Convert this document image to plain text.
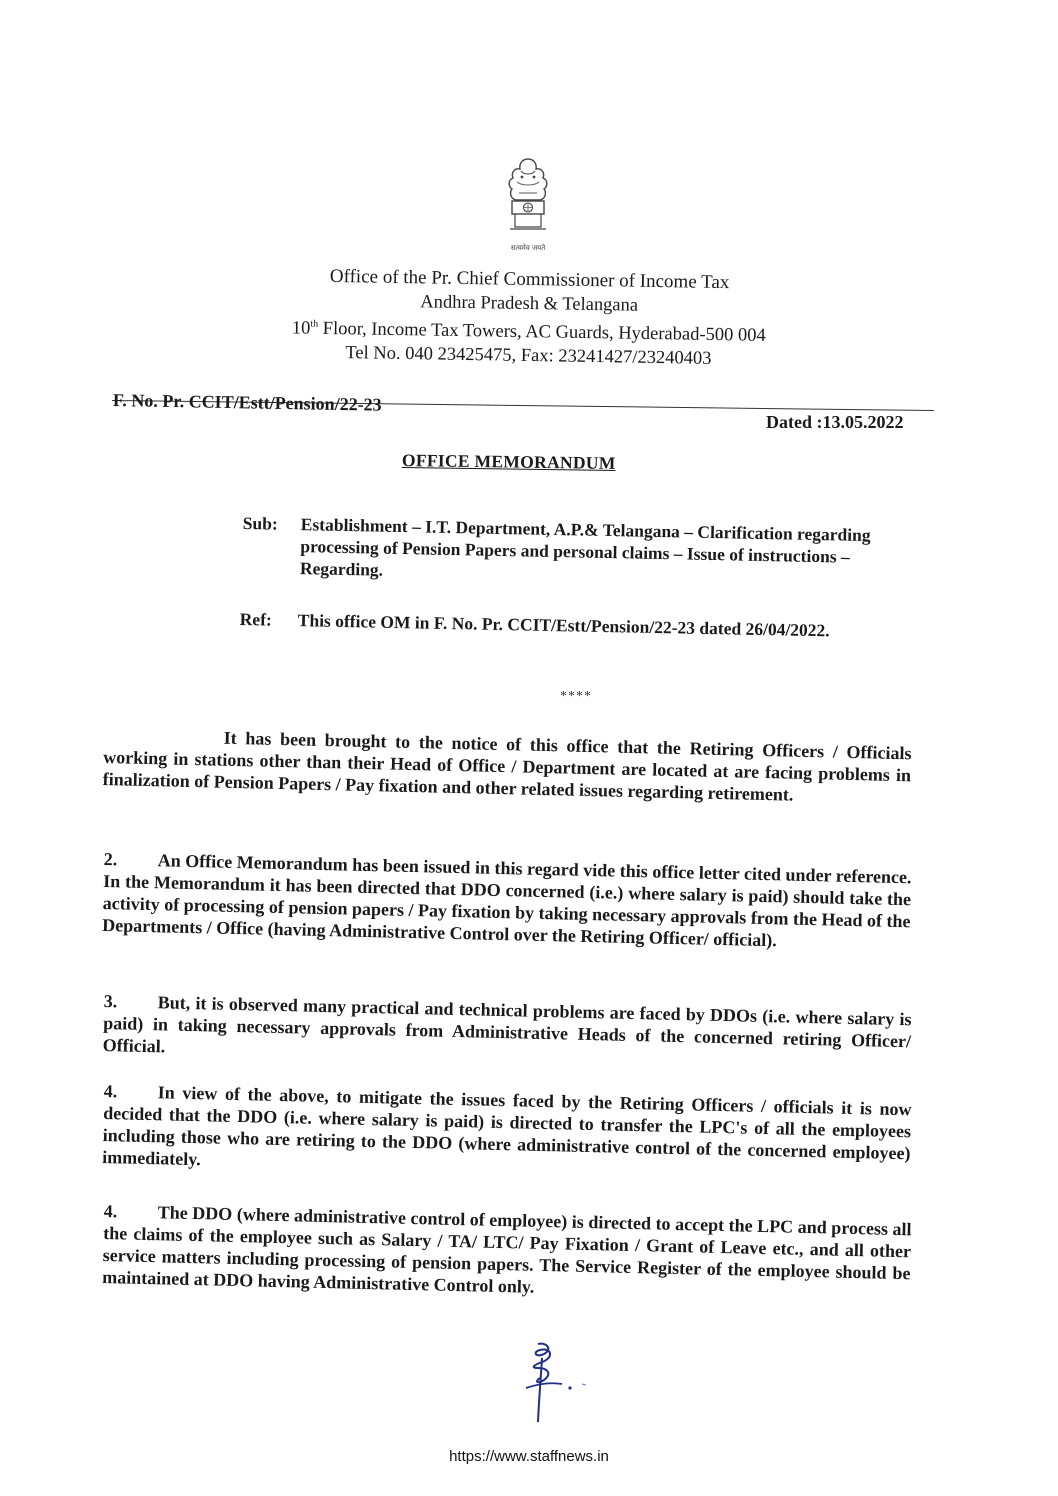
सत्यमेव जयते
Office of the Pr. Chief Commissioner of Income Tax
Andhra Pradesh & Telangana
10th Floor, Income Tax Towers, AC Guards, Hyderabad-500 004
Tel No. 040 23425475, Fax: 23241427/23240403
F. No. Pr. CCIT/Estt/Pension/22-23
Dated :13.05.2022
OFFICE MEMORANDUM
Sub: Establishment – I.T. Department, A.P.& Telangana – Clarification regarding processing of Pension Papers and personal claims – Issue of instructions – Regarding.
Ref: This office OM in F. No. Pr. CCIT/Estt/Pension/22-23 dated 26/04/2022.
****
It has been brought to the notice of this office that the Retiring Officers / Officials working in stations other than their Head of Office / Department are located at are facing problems in finalization of Pension Papers / Pay fixation and other related issues regarding retirement.
2. An Office Memorandum has been issued in this regard vide this office letter cited under reference. In the Memorandum it has been directed that DDO concerned (i.e.) where salary is paid) should take the activity of processing of pension papers / Pay fixation by taking necessary approvals from the Head of the Departments / Office (having Administrative Control over the Retiring Officer/ official).
3. But, it is observed many practical and technical problems are faced by DDOs (i.e. where salary is paid) in taking necessary approvals from Administrative Heads of the concerned retiring Officer/ Official.
4. In view of the above, to mitigate the issues faced by the Retiring Officers / officials it is now decided that the DDO (i.e. where salary is paid) is directed to transfer the LPC's of all the employees including those who are retiring to the DDO (where administrative control of the concerned employee) immediately.
4. The DDO (where administrative control of employee) is directed to accept the LPC and process all the claims of the employee such as Salary / TA/ LTC/ Pay Fixation / Grant of Leave etc., and all other service matters including processing of pension papers. The Service Register of the employee should be maintained at DDO having Administrative Control only.
https://www.staffnews.in
